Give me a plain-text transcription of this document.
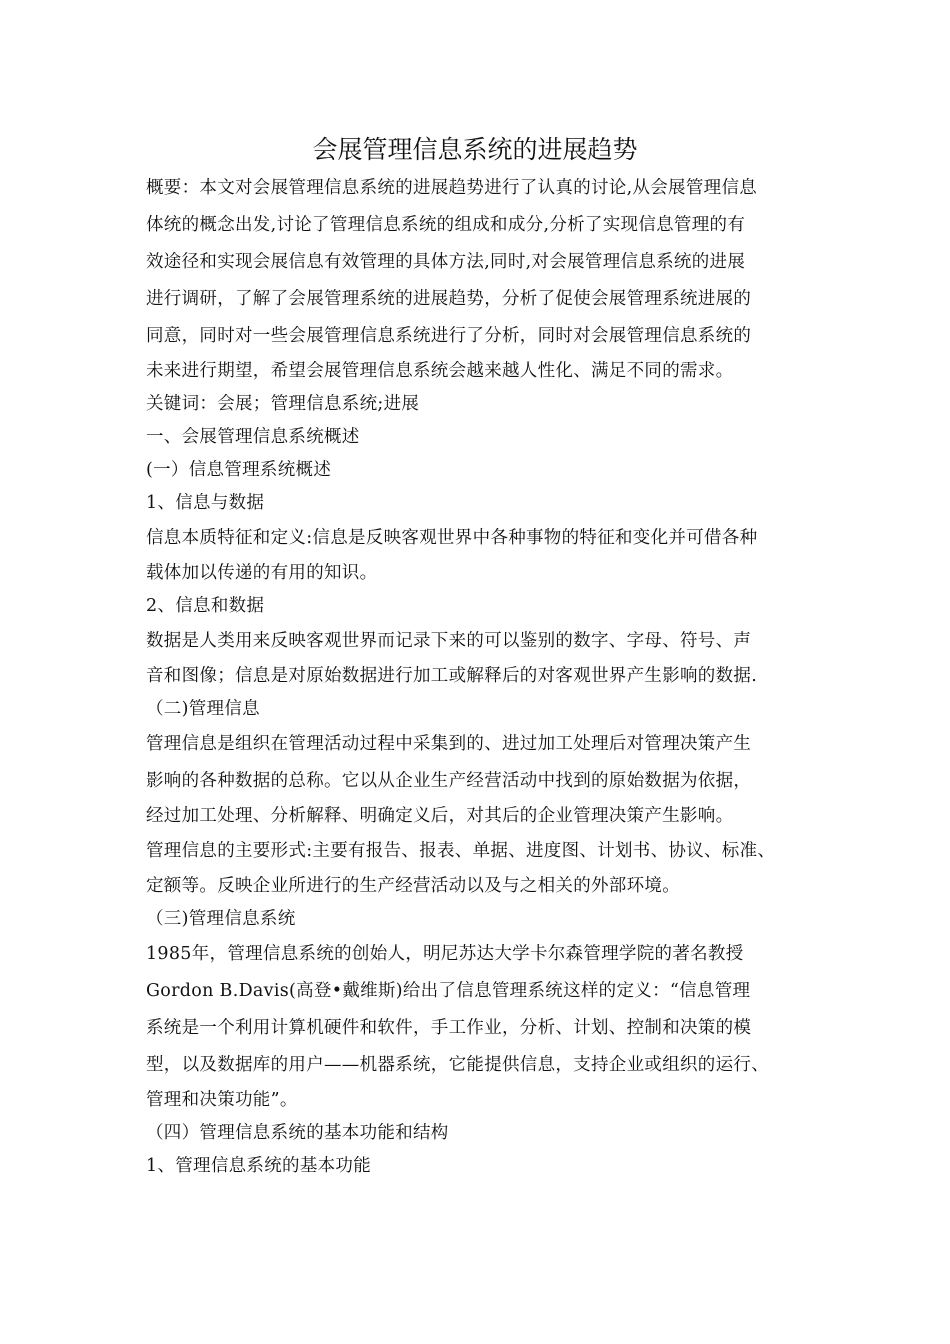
会展管理信息系统的进展趋势
概要：本文对会展管理信息系统的进展趋势进行了认真的讨论,从会展管理信息
体统的概念出发,讨论了管理信息系统的组成和成分,分析了实现信息管理的有
效途径和实现会展信息有效管理的具体方法,同时,对会展管理信息系统的进展
进行调研，了解了会展管理系统的进展趋势，分析了促使会展管理系统进展的
同意，同时对一些会展管理信息系统进行了分析，同时对会展管理信息系统的
未来进行期望，希望会展管理信息系统会越来越人性化、满足不同的需求。
关键词：会展；管理信息系统;进展
一、会展管理信息系统概述
(一）信息管理系统概述
1、信息与数据
信息本质特征和定义:信息是反映客观世界中各种事物的特征和变化并可借各种
载体加以传递的有用的知识。
2、信息和数据
数据是人类用来反映客观世界而记录下来的可以鉴别的数字、字母、符号、声
音和图像；信息是对原始数据进行加工或解释后的对客观世界产生影响的数据.
（二)管理信息
管理信息是组织在管理活动过程中采集到的、进过加工处理后对管理决策产生
影响的各种数据的总称。它以从企业生产经营活动中找到的原始数据为依据，
经过加工处理、分析解释、明确定义后，对其后的企业管理决策产生影响。
管理信息的主要形式:主要有报告、报表、单据、进度图、计划书、协议、标准、
定额等。反映企业所进行的生产经营活动以及与之相关的外部环境。
（三)管理信息系统
1985年，管理信息系统的创始人，明尼苏达大学卡尔森管理学院的著名教授
Gordon B.Davis(高登•戴维斯)给出了信息管理系统这样的定义：“信息管理
系统是一个利用计算机硬件和软件，手工作业，分析、计划、控制和决策的模
型，以及数据库的用户——机器系统，它能提供信息，支持企业或组织的运行、
管理和决策功能”。
（四）管理信息系统的基本功能和结构
1、管理信息系统的基本功能
